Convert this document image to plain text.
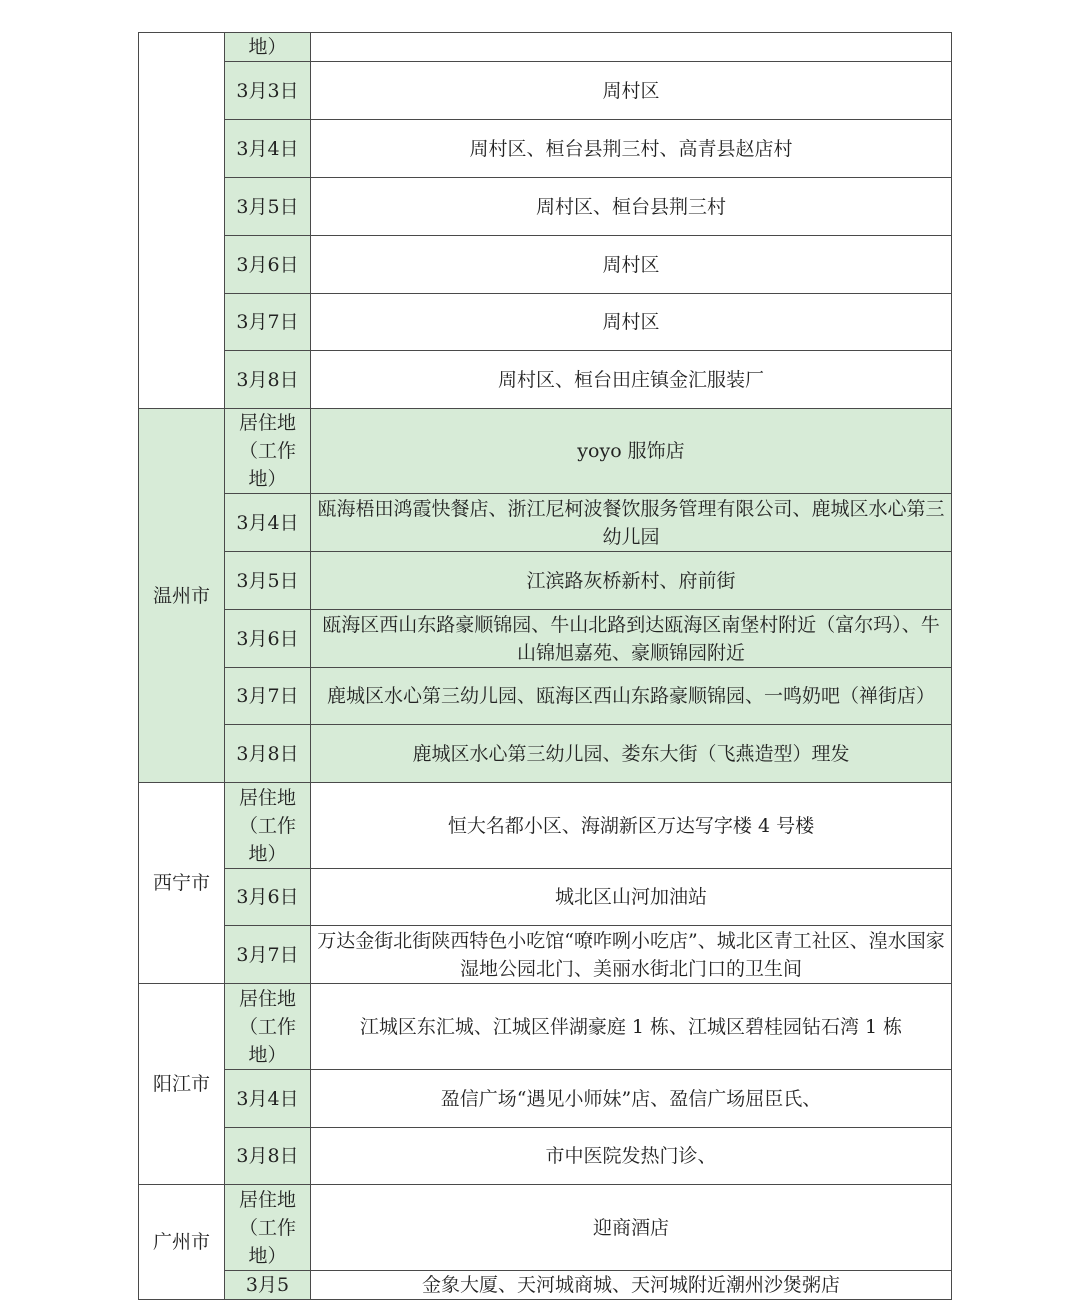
	地）	
	3月3日	周村区
	3月4日	周村区、桓台县荆三村、高青县赵店村
	3月5日	周村区、桓台县荆三村
	3月6日	周村区
	3月7日	周村区
	3月8日	周村区、桓台田庄镇金汇服装厂
温州市	居住地（工作地）	yoyo 服饰店
	3月4日	瓯海梧田鸿霞快餐店、浙江尼柯波餐饮服务管理有限公司、鹿城区水心第三幼儿园
	3月5日	江滨路灰桥新村、府前街
	3月6日	瓯海区西山东路豪顺锦园、牛山北路到达瓯海区南堡村附近（富尔玛）、牛山锦旭嘉苑、豪顺锦园附近
	3月7日	鹿城区水心第三幼儿园、瓯海区西山东路豪顺锦园、一鸣奶吧（禅街店）
	3月8日	鹿城区水心第三幼儿园、娄东大街（飞燕造型）理发
西宁市	居住地（工作地）	恒大名都小区、海湖新区万达写字楼 4 号楼
	3月6日	城北区山河加油站
	3月7日	万达金街北街陕西特色小吃馆“嘹咋咧小吃店”、城北区青工社区、湟水国家湿地公园北门、美丽水街北门口的卫生间
阳江市	居住地（工作地）	江城区东汇城、江城区伴湖豪庭 1 栋、江城区碧桂园钻石湾 1 栋
	3月4日	盈信广场“遇见小师妹”店、盈信广场屈臣氏、
	3月8日	市中医院发热门诊、
广州市	居住地（工作地）	迎商酒店
	3月5	金象大厦、天河城商城、天河城附近潮州沙煲粥店
